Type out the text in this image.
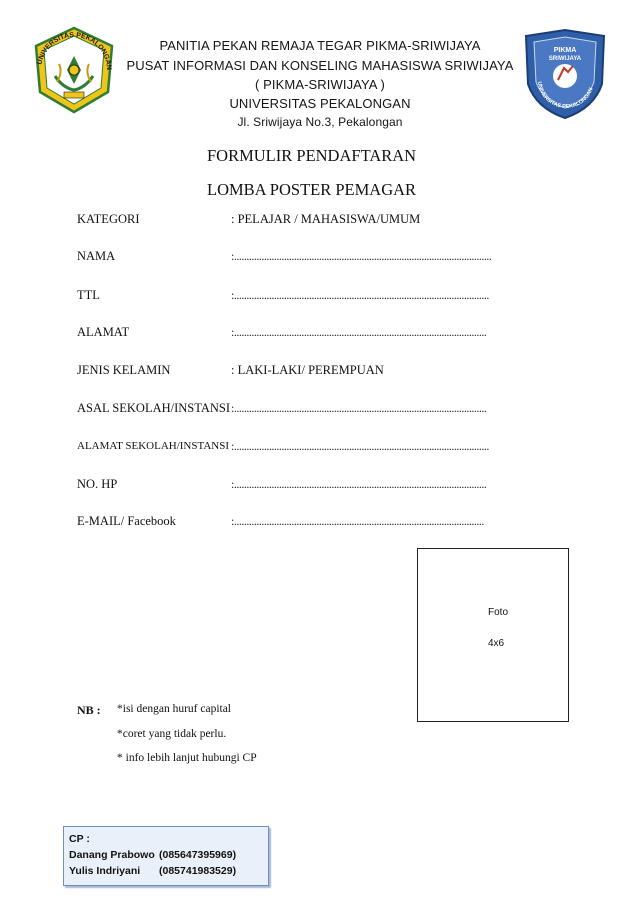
UNIVERSITAS PEKALONGAN
PIKMA
SRIWIJAYA
UNIVERSITAS PEKALONGAN
PANITIA PEKAN REMAJA TEGAR PIKMA-SRIWIJAYA
PUSAT INFORMASI DAN KONSELING MAHASISWA SRIWIJAYA
( PIKMA-SRIWIJAYA )
UNIVERSITAS PEKALONGAN
Jl. Sriwijaya No.3, Pekalongan
FORMULIR PENDAFTARAN
LOMBA POSTER PEMAGAR
KATEGORI	: PELAJAR / MAHASISWA/UMUM
NAMA	:.......................................................................................................
TTL	:......................................................................................................
ALAMAT	:.....................................................................................................
JENIS KELAMIN	: LAKI-LAKI/ PEREMPUAN
ASAL SEKOLAH/INSTANSI :.....................................................................................................
ALAMAT SEKOLAH/INSTANSI :......................................................................................................
NO. HP	:.....................................................................................................
E-MAIL/ Facebook	:....................................................................................................
Foto
4x6
NB : *isi dengan huruf capital
*coret yang tidak perlu.
* info lebih lanjut hubungi CP
CP :
Danang Prabowo (085647395969)
Yulis Indriyani	(085741983529)
